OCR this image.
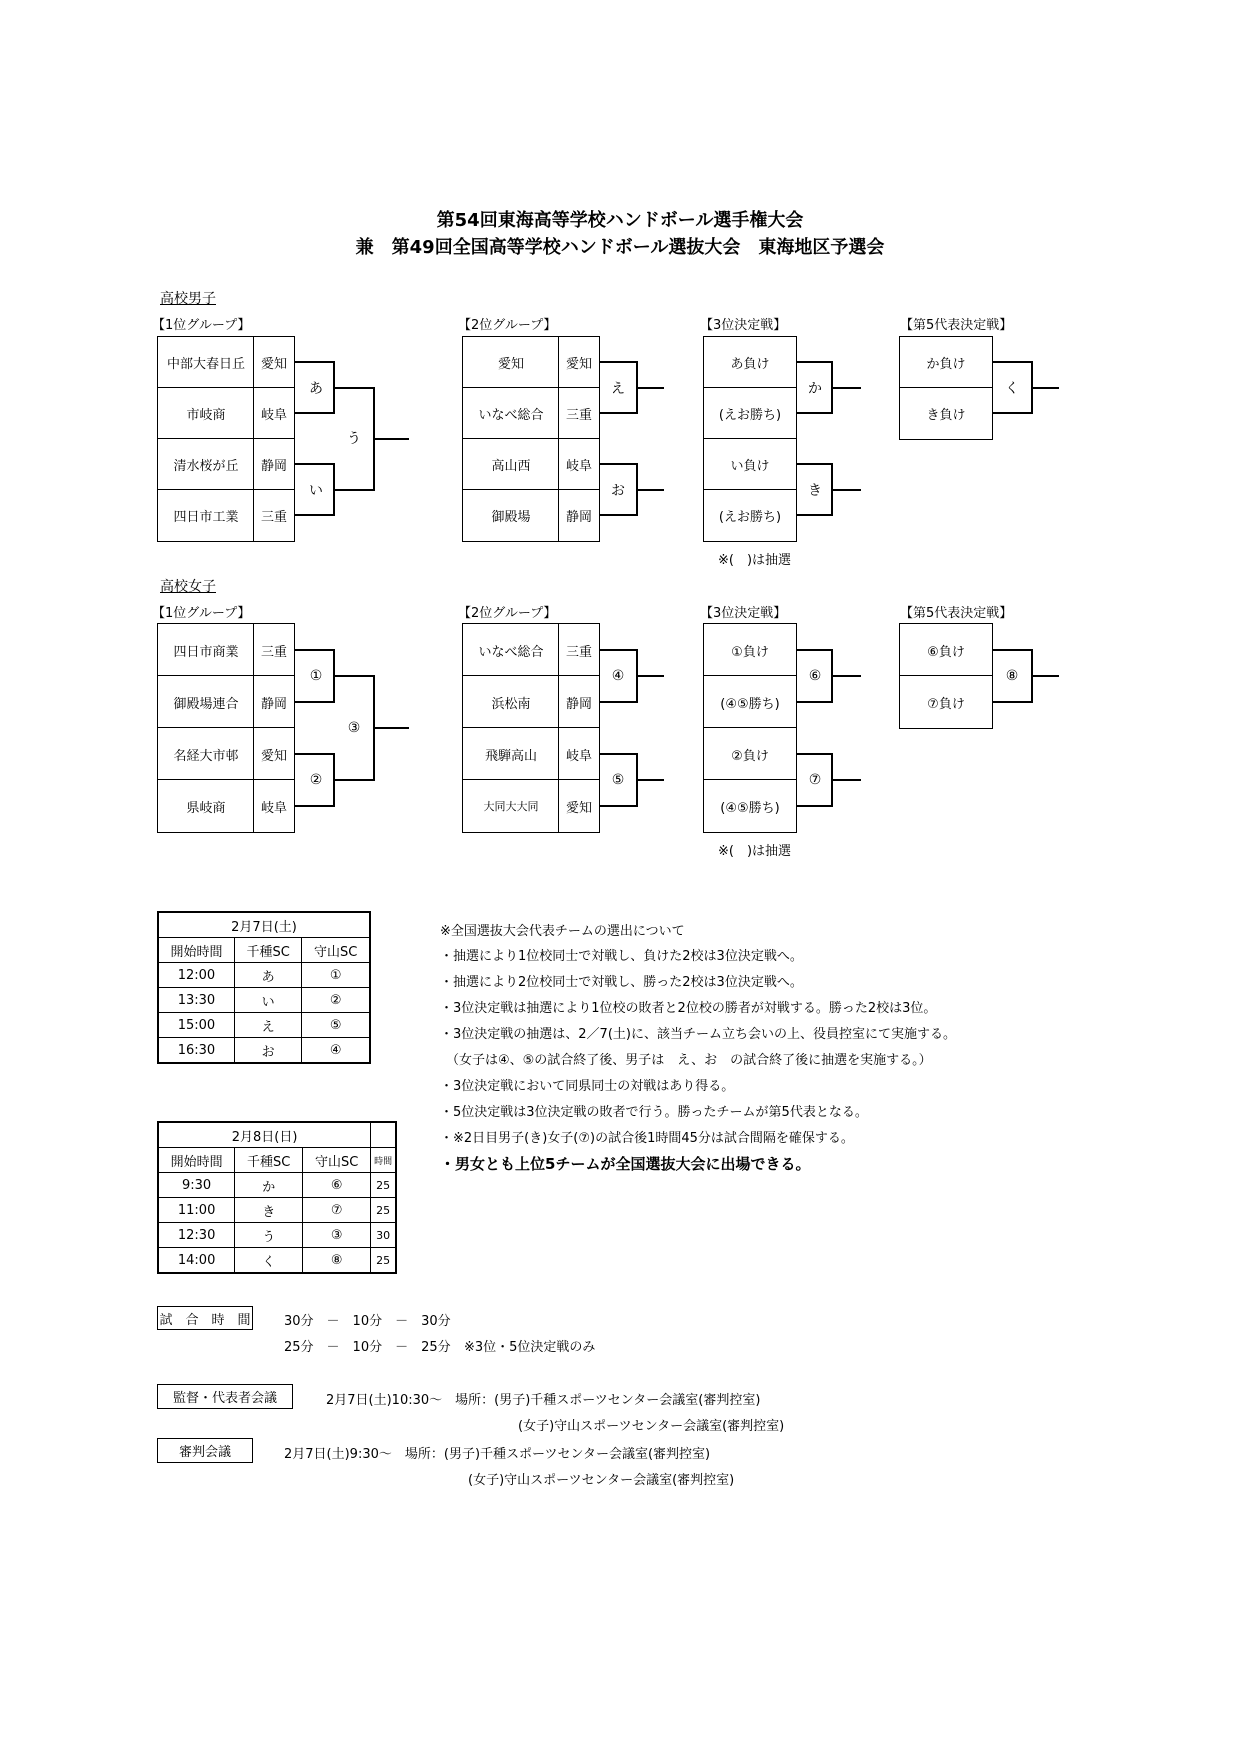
第54回東海高等学校ハンドボール選手権大会
兼　第49回全国高等学校ハンドボール選抜大会　東海地区予選会
高校男子
【1位グループ】	【2位グループ】	【3位決定戦】	【第5代表決定戦】
中部大春日丘	愛知
市岐商	岐阜
清水桜が丘	静岡
四日市工業	三重
あ
い
う
愛知	愛知
いなべ総合	三重
高山西	岐阜
御殿場	静岡
え
お
あ負け
(えお勝ち)
い負け
(えお勝ち)
か
き
※(　)は抽選
か負け
き負け
く
高校女子
【1位グループ】	【2位グループ】	【3位決定戦】	【第5代表決定戦】
四日市商業	三重
御殿場連合	静岡
名経大市邨	愛知
県岐商	岐阜
①
②
③
いなべ総合	三重
浜松南	静岡
飛騨高山	岐阜
大同大大同	愛知
④
⑤
①負け
(④⑤勝ち)
②負け
(④⑤勝ち)
⑥
⑦
※(　)は抽選
⑥負け
⑦負け
⑧
2月7日(土)		
開始時間	千種SC	守山SC
12:00	あ	①
13:30	い	②
15:00	え	⑤
16:30	お	④
2月8日(日)			
開始時間	千種SC	守山SC	時間
9:30	か	⑥	25
11:00	き	⑦	25
12:30	う	③	30
14:00	く	⑧	25
※全国選抜大会代表チームの選出について
・抽選により1位校同士で対戦し、負けた2校は3位決定戦へ。
・抽選により2位校同士で対戦し、勝った2校は3位決定戦へ。
・3位決定戦は抽選により1位校の敗者と2位校の勝者が対戦する。勝った2校は3位。
・3位決定戦の抽選は、2／7(土)に、該当チーム立ち会いの上、役員控室にて実施する。
（女子は④、⑤の試合終了後、男子は　え、お　の試合終了後に抽選を実施する。）
・3位決定戦において同県同士の対戦はあり得る。
・5位決定戦は3位決定戦の敗者で行う。勝ったチームが第5代表となる。
・※2日目男子(き)女子(⑦)の試合後1時間45分は試合間隔を確保する。
・男女とも上位5チームが全国選抜大会に出場できる。
試　合　時　間	30分　－　10分　－　30分
25分　－　10分　－　25分 ※3位・5位決定戦のみ
監督・代表者会議	2月7日(土)10:30～　場所：(男子)千種スポーツセンター会議室(審判控室)
(女子)守山スポーツセンター会議室(審判控室)
審判会議	2月7日(土)9:30～　場所：(男子)千種スポーツセンター会議室(審判控室)
(女子)守山スポーツセンター会議室(審判控室)
